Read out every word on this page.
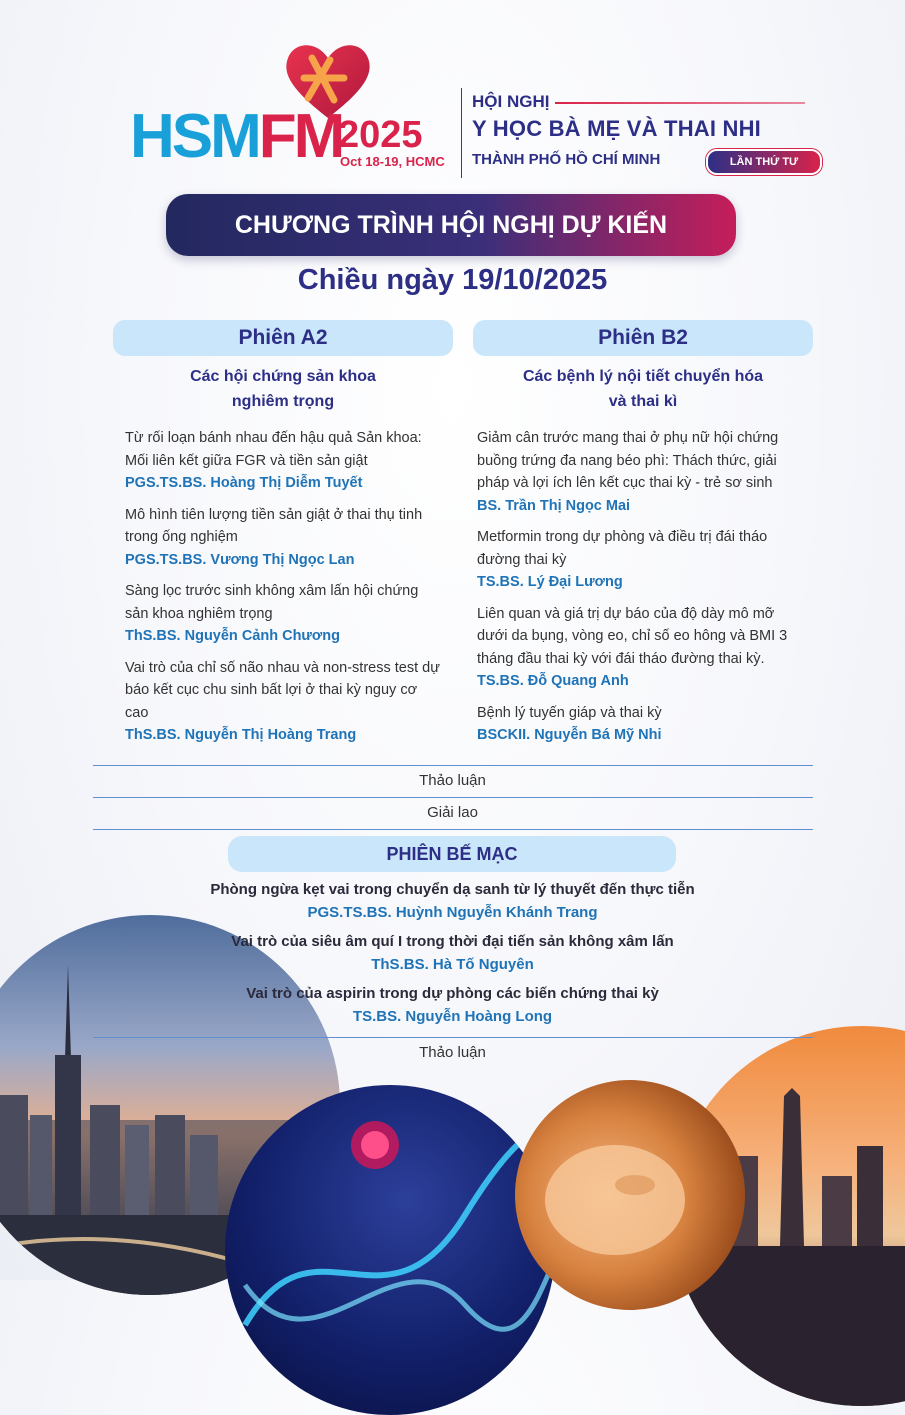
HSMFM
2025
Oct 18-19, HCMC
HỘI NGHỊ
Y HỌC BÀ MẸ VÀ THAI NHI
THÀNH PHỐ HỒ CHÍ MINH	LẦN THỨ TƯ
CHƯƠNG TRÌNH HỘI NGHỊ DỰ KIẾN
Chiều ngày 19/10/2025
Phiên A2
Các hội chứng sản khoa
nghiêm trọng
Từ rối loạn bánh nhau đến hậu quả Sản khoa: Mối liên kết giữa FGR và tiền sản giật
PGS.TS.BS. Hoàng Thị Diễm Tuyết
Mô hình tiên lượng tiền sản giật ở thai thụ tinh trong ống nghiệm
PGS.TS.BS. Vương Thị Ngọc Lan
Sàng lọc trước sinh không xâm lấn hội chứng sản khoa nghiêm trọng
ThS.BS. Nguyễn Cảnh Chương
Vai trò của chỉ số não nhau và non-stress test dự báo kết cục chu sinh bất lợi ở thai kỳ nguy cơ cao
ThS.BS. Nguyễn Thị Hoàng Trang
Phiên B2
Các bệnh lý nội tiết chuyển hóa
và thai kì
Giảm cân trước mang thai ở phụ nữ hội chứng buồng trứng đa nang béo phì: Thách thức, giải pháp và lợi ích lên kết cục thai kỳ - trẻ sơ sinh
BS. Trần Thị Ngọc Mai
Metformin trong dự phòng và điều trị đái tháo đường thai kỳ
TS.BS. Lý Đại Lương
Liên quan và giá trị dự báo của độ dày mô mỡ dưới da bụng, vòng eo, chỉ số eo hông và BMI 3 tháng đầu thai kỳ với đái tháo đường thai kỳ.
TS.BS. Đỗ Quang Anh
Bệnh lý tuyến giáp và thai kỳ
BSCKII. Nguyễn Bá Mỹ Nhi
Thảo luận
Giải lao
PHIÊN BẾ MẠC
Phòng ngừa kẹt vai trong chuyển dạ sanh từ lý thuyết đến thực tiễn
PGS.TS.BS. Huỳnh Nguyễn Khánh Trang
Vai trò của siêu âm quí I trong thời đại tiến sản không xâm lấn
ThS.BS. Hà Tố Nguyên
Vai trò của aspirin trong dự phòng các biến chứng thai kỳ
TS.BS. Nguyễn Hoàng Long
Thảo luận
